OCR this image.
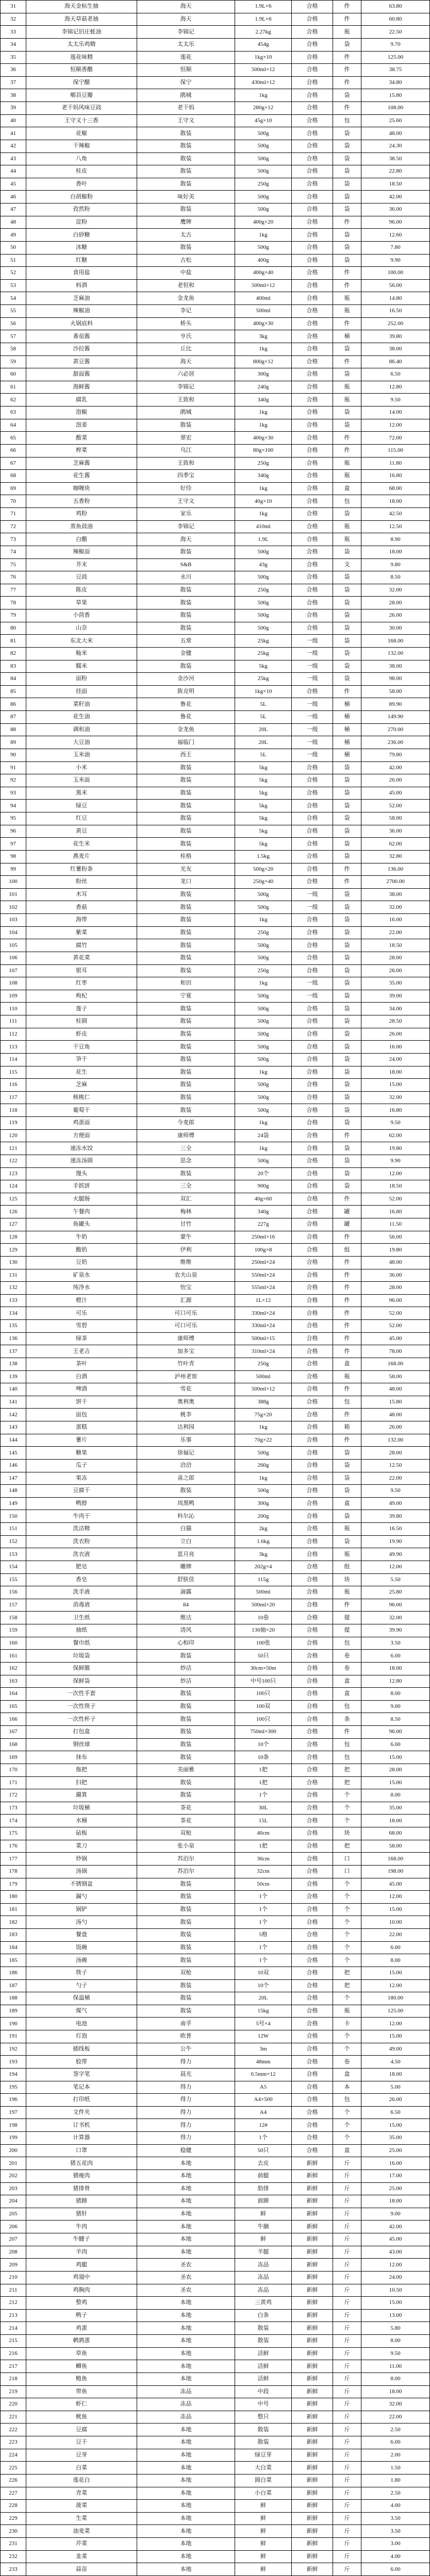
31	海天金标生抽	海天	1.9L×6	合格	件	63.80
32	海天草菇老抽	海天	1.9L×6	合格	件	60.80
33	李锦记旧庄蚝油	李锦记	2.27kg	合格	瓶	22.50
34	太太乐鸡精	太太乐	454g	合格	袋	9.70
35	莲花味精	莲花	1kg×10	合格	件	125.00
36	恒顺香醋	恒顺	500ml×12	合格	件	38.75
37	保宁醋	保宁	430ml×12	合格	件	34.80
38	郫县豆瓣	鹃城	1kg	合格	袋	15.80
39	老干妈风味豆豉	老干妈	280g×12	合格	件	108.00
40	王守义十三香	王守义	45g×10	合格	包	25.60
41	花椒	散装	500g	合格	袋	48.00
42	干辣椒	散装	500g	合格	袋	24.30
43	八角	散装	500g	合格	袋	38.50
44	桂皮	散装	500g	合格	袋	22.80
45	香叶	散装	250g	合格	袋	18.50
46	白胡椒粉	味好美	500g	合格	袋	42.00
47	孜然粉	散装	500g	合格	袋	36.00
48	淀粉	鹰牌	400g×20	合格	件	96.00
49	白砂糖	太古	1kg	合格	袋	12.60
50	冰糖	散装	500g	合格	袋	7.80
51	红糖	古松	400g	合格	袋	9.90
52	食用盐	中盐	400g×40	合格	件	100.00
53	料酒	老恒和	500ml×12	合格	件	56.00
54	芝麻油	金龙鱼	400ml	合格	瓶	14.80
55	辣椒油	李记	500ml	合格	瓶	16.50
56	火锅底料	桥头	400g×30	合格	件	252.00
57	番茄酱	亨氏	3kg	合格	桶	39.80
58	沙拉酱	丘比	1kg	合格	袋	38.00
59	黄豆酱	海天	800g×12	合格	件	86.40
60	甜面酱	六必居	300g	合格	袋	6.50
61	海鲜酱	李锦记	240g	合格	瓶	12.80
62	腐乳	王致和	340g	合格	瓶	9.50
63	泡椒	鹃城	1kg	合格	袋	14.00
64	泡姜	散装	1kg	合格	袋	12.00
65	酸菜	翠宏	400g×30	合格	件	72.00
66	榨菜	乌江	80g×100	合格	件	115.00
67	芝麻酱	王致和	250g	合格	瓶	11.80
68	花生酱	四季宝	340g	合格	瓶	16.80
69	咖喱块	好侍	1kg	合格	盒	68.00
70	五香粉	王守义	40g×10	合格	包	18.00
71	鸡粉	家乐	1kg	合格	袋	42.50
72	蒸鱼豉油	李锦记	410ml	合格	瓶	12.50
73	白醋	海天	1.9L	合格	瓶	8.90
74	辣椒面	散装	500g	合格	袋	18.00
75	芥末	S&B	43g	合格	支	9.80
76	豆豉	永川	500g	合格	袋	8.50
77	陈皮	散装	250g	合格	袋	32.00
78	草果	散装	500g	合格	袋	28.00
79	小茴香	散装	500g	合格	袋	26.00
80	山奈	散装	500g	合格	袋	30.00
81	东北大米	五常	25kg	一级	袋	168.00
82	籼米	金健	25kg	一级	袋	132.00
83	糯米	散装	5kg	一级	袋	38.00
84	面粉	金沙河	25kg	一级	袋	98.00
85	挂面	陈克明	1kg×10	合格	件	58.00
86	菜籽油	鲁花	5L	一级	桶	89.90
87	花生油	鲁花	5L	一级	桶	149.90
88	调和油	金龙鱼	20L	一级	桶	270.00
89	大豆油	福临门	20L	一级	桶	236.00
90	玉米油	西王	5L	一级	桶	79.80
91	小米	散装	5kg	合格	袋	42.00
92	玉米面	散装	5kg	合格	袋	26.00
93	黑米	散装	5kg	合格	袋	45.00
94	绿豆	散装	5kg	合格	袋	52.00
95	红豆	散装	5kg	合格	袋	58.00
96	黄豆	散装	5kg	合格	袋	36.00
97	花生米	散装	5kg	合格	袋	62.00
98	燕麦片	桂格	1.5kg	合格	袋	32.80
99	红薯粉条	光友	500g×20	合格	件	136.00
100	粉丝	龙口	250g×40	合格	件	2700.00
101	木耳	散装	500g	一级	袋	38.00
102	香菇	散装	500g	一级	袋	32.00
103	海带	散装	1kg	合格	袋	16.00
104	紫菜	散装	250g	合格	袋	22.00
105	腐竹	散装	500g	合格	袋	18.50
106	黄花菜	散装	500g	合格	袋	28.00
107	银耳	散装	250g	合格	袋	26.00
108	红枣	和田	1kg	一级	袋	35.00
109	枸杞	宁夏	500g	一级	袋	39.00
110	莲子	散装	500g	合格	袋	34.00
111	桂圆	散装	500g	合格	袋	28.50
112	虾皮	散装	500g	合格	袋	26.00
113	干豆角	散装	500g	合格	袋	16.00
114	笋干	散装	500g	合格	袋	24.00
115	花生	散装	1kg	合格	袋	18.00
116	芝麻	散装	500g	合格	袋	15.00
117	核桃仁	散装	500g	合格	袋	32.00
118	葡萄干	散装	500g	合格	袋	16.80
119	鸡蛋面	今麦郎	1kg	合格	袋	9.50
120	方便面	康师傅	24袋	合格	件	62.00
121	速冻水饺	三全	1kg	合格	袋	19.80
122	速冻汤圆	思念	500g	合格	袋	9.90
123	馒头	散装	20个	合格	袋	12.00
124	手抓饼	三全	900g	合格	袋	18.50
125	火腿肠	双汇	40g×60	合格	件	52.00
126	午餐肉	梅林	340g	合格	罐	16.80
127	鱼罐头	甘竹	227g	合格	罐	11.50
128	牛奶	蒙牛	250ml×16	合格	件	56.00
129	酸奶	伊利	100g×8	合格	组	19.80
130	豆奶	维维	250ml×24	合格	件	48.00
131	矿泉水	农夫山泉	550ml×24	合格	件	36.00
132	纯净水	怡宝	555ml×24	合格	件	28.00
133	橙汁	汇源	1L×12	合格	件	96.00
134	可乐	可口可乐	330ml×24	合格	件	52.00
135	雪碧	可口可乐	330ml×24	合格	件	52.00
136	绿茶	康师傅	500ml×15	合格	件	45.00
137	王老吉	加多宝	310ml×24	合格	件	78.00
138	茶叶	竹叶青	250g	合格	盒	168.00
139	白酒	泸州老窖	500ml	合格	瓶	58.00
140	啤酒	雪花	500ml×12	合格	件	48.00
141	饼干	奥利奥	388g	合格	包	15.80
142	面包	桃李	75g×20	合格	件	48.00
143	蛋糕	达利园	1kg	合格	箱	26.00
144	薯片	乐事	70g×22	合格	件	132.00
145	糖果	徐福记	500g	合格	袋	28.00
146	瓜子	洽洽	260g	合格	袋	12.50
147	果冻	喜之郎	1kg	合格	袋	22.00
148	豆腐干	散装	500g	合格	袋	9.50
149	鸭脖	周黑鸭	300g	合格	盒	49.00
150	牛肉干	科尔沁	200g	合格	袋	39.80
151	洗洁精	白猫	2kg	合格	瓶	16.50
152	洗衣粉	立白	1.6kg	合格	袋	19.90
153	洗衣液	蓝月亮	3kg	合格	瓶	49.90
154	肥皂	雕牌	202g×4	合格	组	12.00
155	香皂	舒肤佳	115g	合格	块	5.50
156	洗手液	滴露	500ml	合格	瓶	25.80
157	消毒液	84	500ml×20	合格	件	96.00
158	卫生纸	维达	10卷	合格	提	32.00
159	抽纸	清风	130抽×20	合格	提	39.90
160	餐巾纸	心相印	100张	合格	包	3.50
161	垃圾袋	散装	50只	合格	卷	6.00
162	保鲜膜	妙洁	30cm×50m	合格	卷	18.00
163	保鲜袋	妙洁	中号100只	合格	盒	12.80
164	一次性手套	散装	100只	合格	盒	8.00
165	一次性筷子	散装	100双	合格	包	9.00
166	一次性杯子	散装	100只	合格	条	8.50
167	打包盒	散装	750ml×300	合格	件	96.00
168	钢丝球	散装	10个	合格	包	6.00
169	抹布	散装	10条	合格	包	15.00
170	拖把	美丽雅	1把	合格	把	28.00
171	扫把	散装	1把	合格	把	15.00
172	撮箕	散装	1个	合格	个	8.00
173	垃圾桶	茶花	30L	合格	个	35.00
174	水桶	茶花	15L	合格	个	18.00
175	砧板	双枪	40cm	合格	块	68.00
176	菜刀	张小泉	1把	合格	把	58.00
177	炒锅	苏泊尔	36cm	合格	口	168.00
178	汤锅	苏泊尔	32cm	合格	口	198.00
179	不锈钢盆	散装	50cm	合格	个	45.00
180	漏勺	散装	1个	合格	个	12.00
181	锅铲	散装	1个	合格	个	15.00
182	汤勺	散装	1个	合格	个	10.00
183	餐盘	散装	5格	合格	个	22.00
184	饭碗	散装	1个	合格	个	6.00
185	汤碗	散装	1个	合格	个	8.00
186	筷子	双枪	10双	合格	把	15.00
187	勺子	散装	10个	合格	把	12.00
188	保温桶	散装	20L	合格	个	180.00
189	煤气	散装	15kg	合格	瓶	125.00
190	电池	南孚	5号×4	合格	卡	12.00
191	灯泡	欧普	12W	合格	个	15.00
192	插线板	公牛	3m	合格	个	49.00
193	胶带	得力	48mm	合格	卷	4.50
194	签字笔	晨光	0.5mm×12	合格	盒	18.00
195	笔记本	得力	A5	合格	本	5.00
196	打印纸	得力	A4×500	合格	包	26.00
197	文件夹	得力	A4	合格	个	6.50
198	订书机	得力	12#	合格	个	15.00
199	计算器	得力	1个	合格	个	35.00
200	口罩	稳健	50只	合格	盒	25.00
201	猪五花肉	本地	去皮	新鲜	斤	16.00
202	猪瘦肉	本地	前腿	新鲜	斤	17.00
203	猪排骨	本地	肋排	新鲜	斤	25.00
204	猪蹄	本地	前蹄	新鲜	斤	18.00
205	猪肝	本地	鲜	新鲜	斤	9.00
206	牛肉	本地	牛腩	新鲜	斤	42.00
207	牛腱子	本地	鲜	新鲜	斤	45.00
208	羊肉	本地	羊腿	新鲜	斤	43.00
209	鸡腿	圣农	冻品	新鲜	斤	12.00
210	鸡翅中	圣农	冻品	新鲜	斤	24.00
211	鸡胸肉	圣农	冻品	新鲜	斤	10.50
212	整鸡	本地	三黄鸡	新鲜	斤	15.00
213	鸭子	本地	白条	新鲜	斤	13.00
214	鸡蛋	本地	散装	新鲜	斤	5.80
215	鹌鹑蛋	本地	散装	新鲜	斤	8.00
216	草鱼	本地	活鲜	新鲜	斤	9.50
217	鲫鱼	本地	活鲜	新鲜	斤	11.00
218	鲢鱼	本地	活鲜	新鲜	斤	8.00
219	带鱼	冻品	中段	新鲜	斤	18.00
220	虾仁	冻品	中号	新鲜	斤	32.00
221	鱿鱼	冻品	整只	新鲜	斤	22.00
222	豆腐	本地	散装	新鲜	斤	2.50
223	豆干	本地	散装	新鲜	斤	6.00
224	豆芽	本地	绿豆芽	新鲜	斤	2.00
225	白菜	本地	大白菜	新鲜	斤	1.50
226	莲花白	本地	圆白菜	新鲜	斤	1.80
227	青菜	本地	小白菜	新鲜	斤	2.50
228	菠菜	本地	鲜	新鲜	斤	4.00
229	生菜	本地	鲜	新鲜	斤	3.50
230	油麦菜	本地	鲜	新鲜	斤	3.50
231	芹菜	本地	鲜	新鲜	斤	3.00
232	韭菜	本地	鲜	新鲜	斤	4.00
233	蒜苗	本地	鲜	新鲜	斤	6.00
